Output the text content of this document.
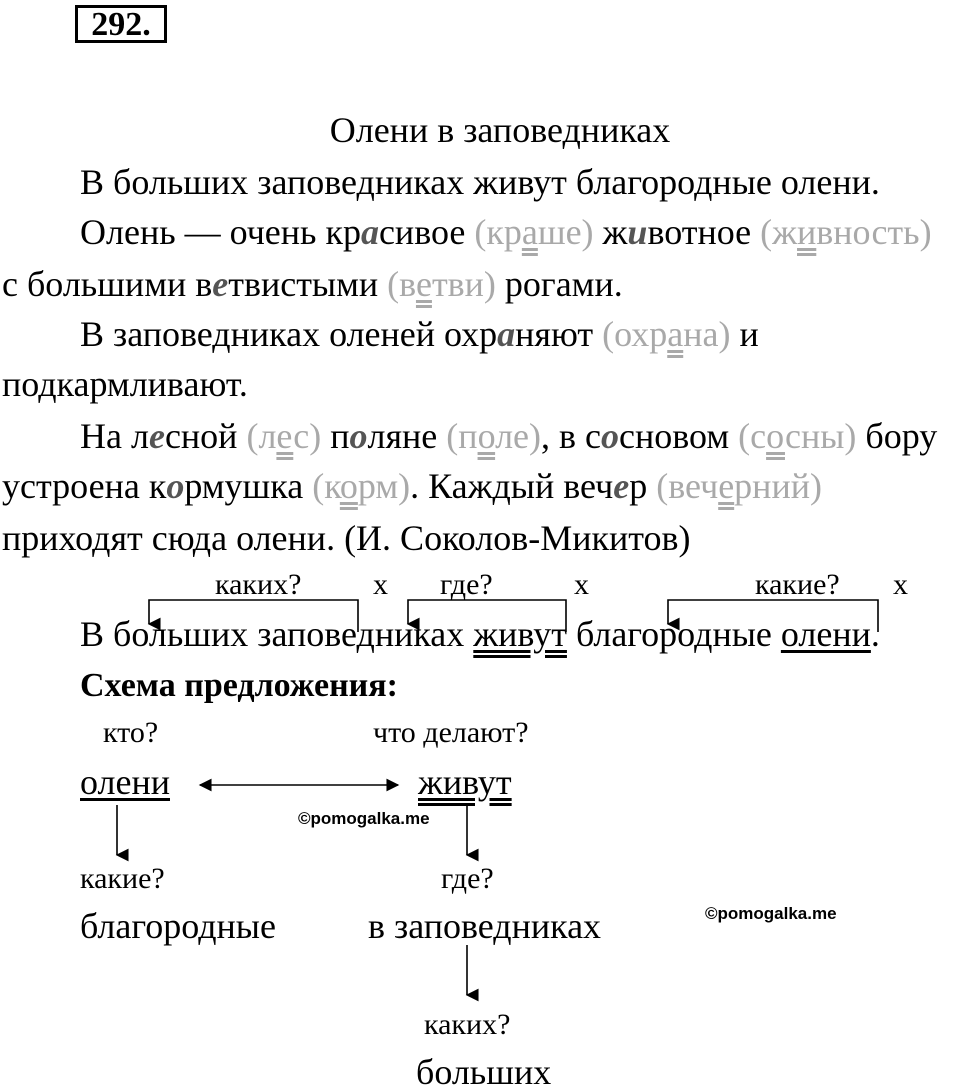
292.
Олени в заповедниках
В больших заповедниках живут благородные олени.
Олень — очень красивое (краше) животное (живность)
с большими ветвистыми (ветви) рогами.
В заповедниках оленей охраняют (охрана) и
подкармливают.
На лесной (лес) поляне (поле), в сосновом (сосны) бору
устроена кормушка (корм). Каждый вечер (вечерний)
приходят сюда олени. (И. Соколов-Микитов)
каких? х где?	х	какие? х
В больших заповедниках живут благородные олени.
Схема предложения:
кто?	что делают?
олени	живут
©pomogalka.me
какие?	где?
благородные	в заповедниках	©pomogalka.me
каких?
больших
